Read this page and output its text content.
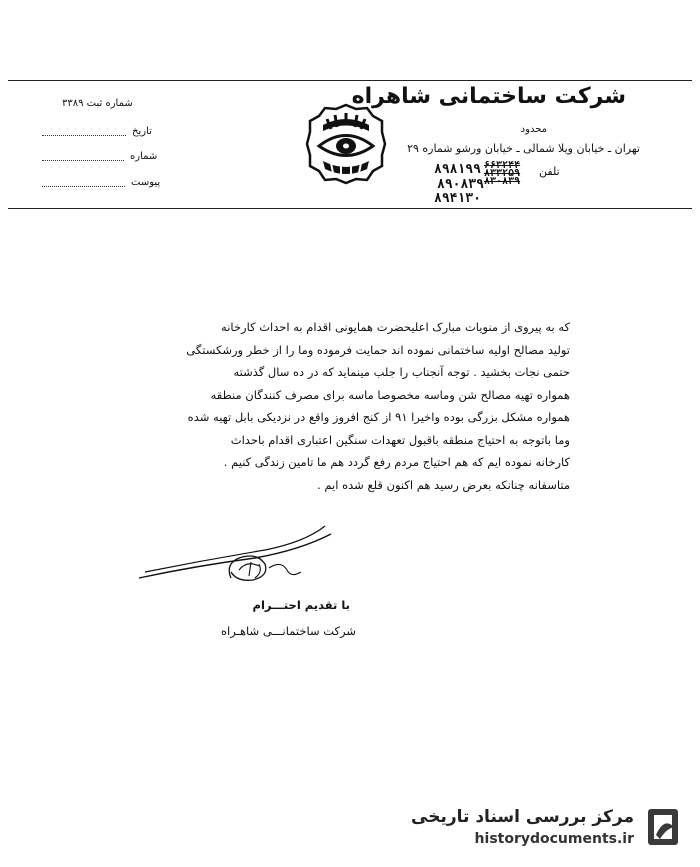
شرکت ساختمانی شاهراه
محدود
تهران ـ خیابان ویلا شمالی ـ خیابان ورشو شماره ۲۹
تلفن
۶۶۳۲۴۴
۸۳۳۲۵۹
۸۳۰۸۳۹
۸۹۸۱۹۹
۸۹۰۸۳۹
۸۹۴۱۳۰
شماره ثبت ۳۳۸۹
تاریخ
شماره
پیوست
که به پیروی از منویات مبارک اعلیحضرت همایونی اقدام به احداث کارخانه
تولید مصالح اولیه ساختمانی نموده اند حمایت فرموده وما را از خطر ورشکستگی
حتمی نجات بخشید . توجه آنجناب را جلب مینماید که در ده سال گذشته
همواره تهیه مصالح شن وماسه مخصوصا ماسه برای مصرف کنندگان منطقه
همواره مشکل بزرگی بوده واخیرا ۹۱ از کنج افروز واقع در نزدیکی بابل تهیه شده
وما باتوجه به احتیاج منطقه باقبول تعهدات سنگین اعتباری اقدام باحداث
کارخانه نموده ایم که هم احتیاج مردم رفع گردد هم ما تامین زندگی کنیم .
متاسفانه چنانکه بعرض رسید هم اکنون قلع شده ایم .
با تقدیم احتـــرام
شرکت ساختمانـــی شاهـراه
مرکز بررسی اسناد تاریخی
historydocuments.ir
